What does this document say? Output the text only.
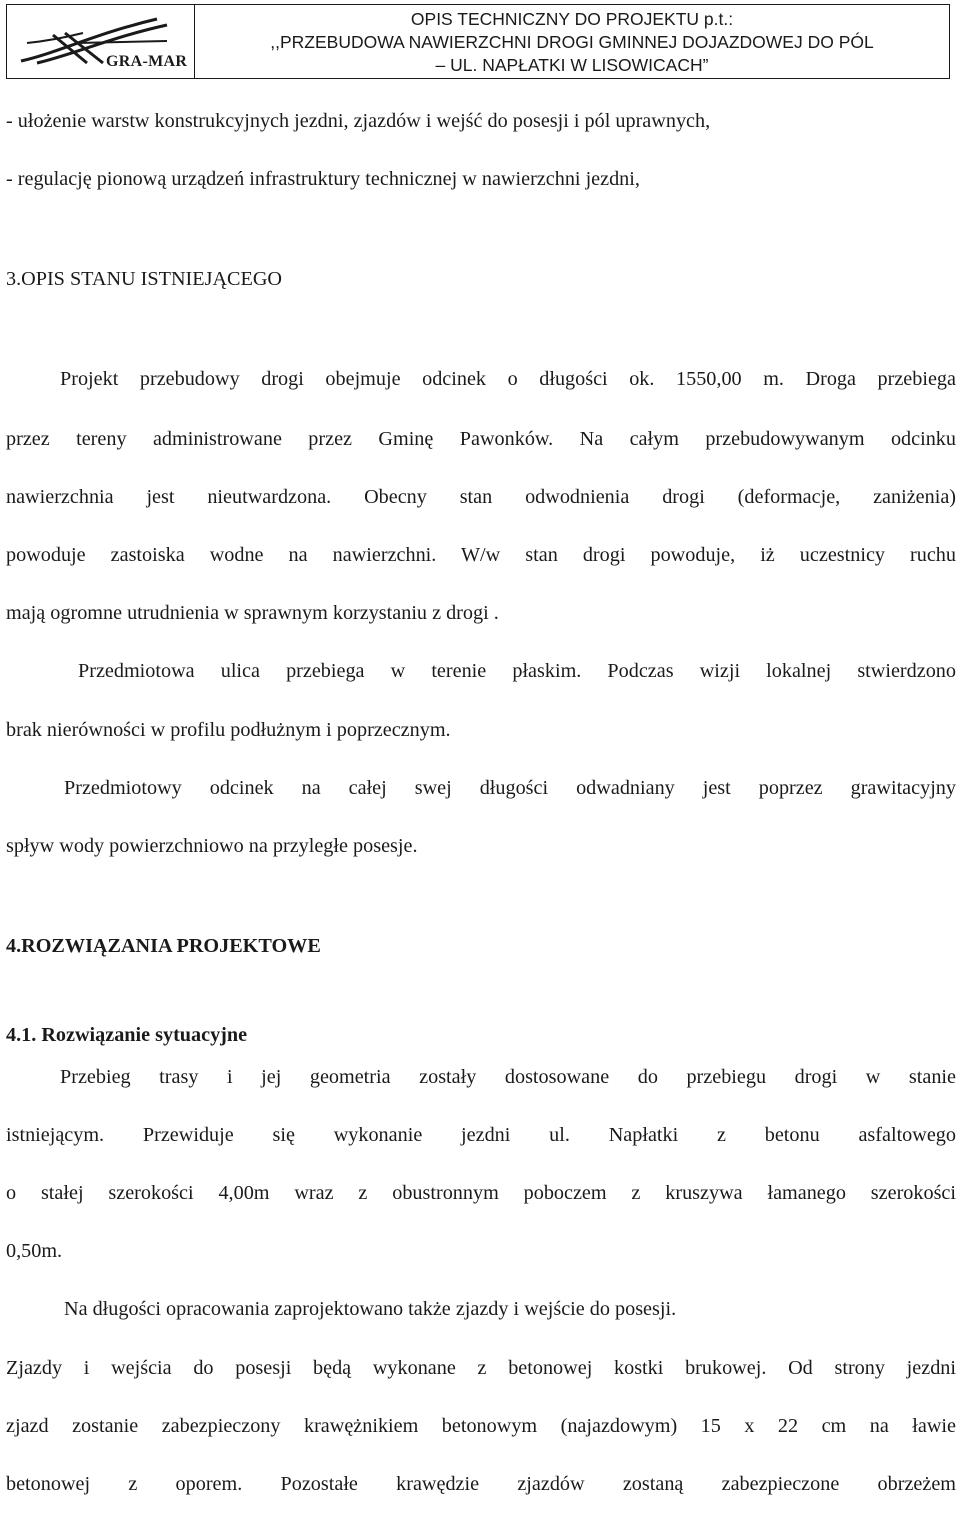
GRA-MAR
OPIS TECHNICZNY DO PROJEKTU p.t.:
,,PRZEBUDOWA NAWIERZCHNI DROGI GMINNEJ DOJAZDOWEJ DO PÓL
– UL. NAPŁATKI W LISOWICACH”
- ułożenie warstw konstrukcyjnych jezdni, zjazdów i wejść do posesji i pól uprawnych,
- regulację pionową urządzeń infrastruktury technicznej w nawierzchni jezdni,
3.OPIS STANU ISTNIEJĄCEGO
Projekt przebudowy drogi obejmuje odcinek o długości ok. 1550,00 m. Droga przebiega
przez tereny administrowane przez Gminę Pawonków. Na całym przebudowywanym odcinku
nawierzchnia jest nieutwardzona. Obecny stan odwodnienia drogi (deformacje, zaniżenia)
powoduje zastoiska wodne na nawierzchni. W/w stan drogi powoduje, iż uczestnicy ruchu
mają ogromne utrudnienia w sprawnym korzystaniu z drogi .
Przedmiotowa ulica przebiega w terenie płaskim. Podczas wizji lokalnej stwierdzono
brak nierówności w profilu podłużnym i poprzecznym.
Przedmiotowy odcinek na całej swej długości odwadniany jest poprzez grawitacyjny
spływ wody powierzchniowo na przyległe posesje.
4.ROZWIĄZANIA PROJEKTOWE
4.1. Rozwiązanie sytuacyjne
Przebieg trasy i jej geometria zostały dostosowane do przebiegu drogi w stanie
istniejącym. Przewiduje się wykonanie jezdni ul. Napłatki z betonu asfaltowego
o stałej szerokości 4,00m wraz z obustronnym poboczem z kruszywa łamanego szerokości
0,50m.
Na długości opracowania zaprojektowano także zjazdy i wejście do posesji.
Zjazdy i wejścia do posesji będą wykonane z betonowej kostki brukowej. Od strony jezdni
zjazd zostanie zabezpieczony krawężnikiem betonowym (najazdowym) 15 x 22 cm na ławie
betonowej z oporem. Pozostałe krawędzie zjazdów zostaną zabezpieczone obrzeżem
